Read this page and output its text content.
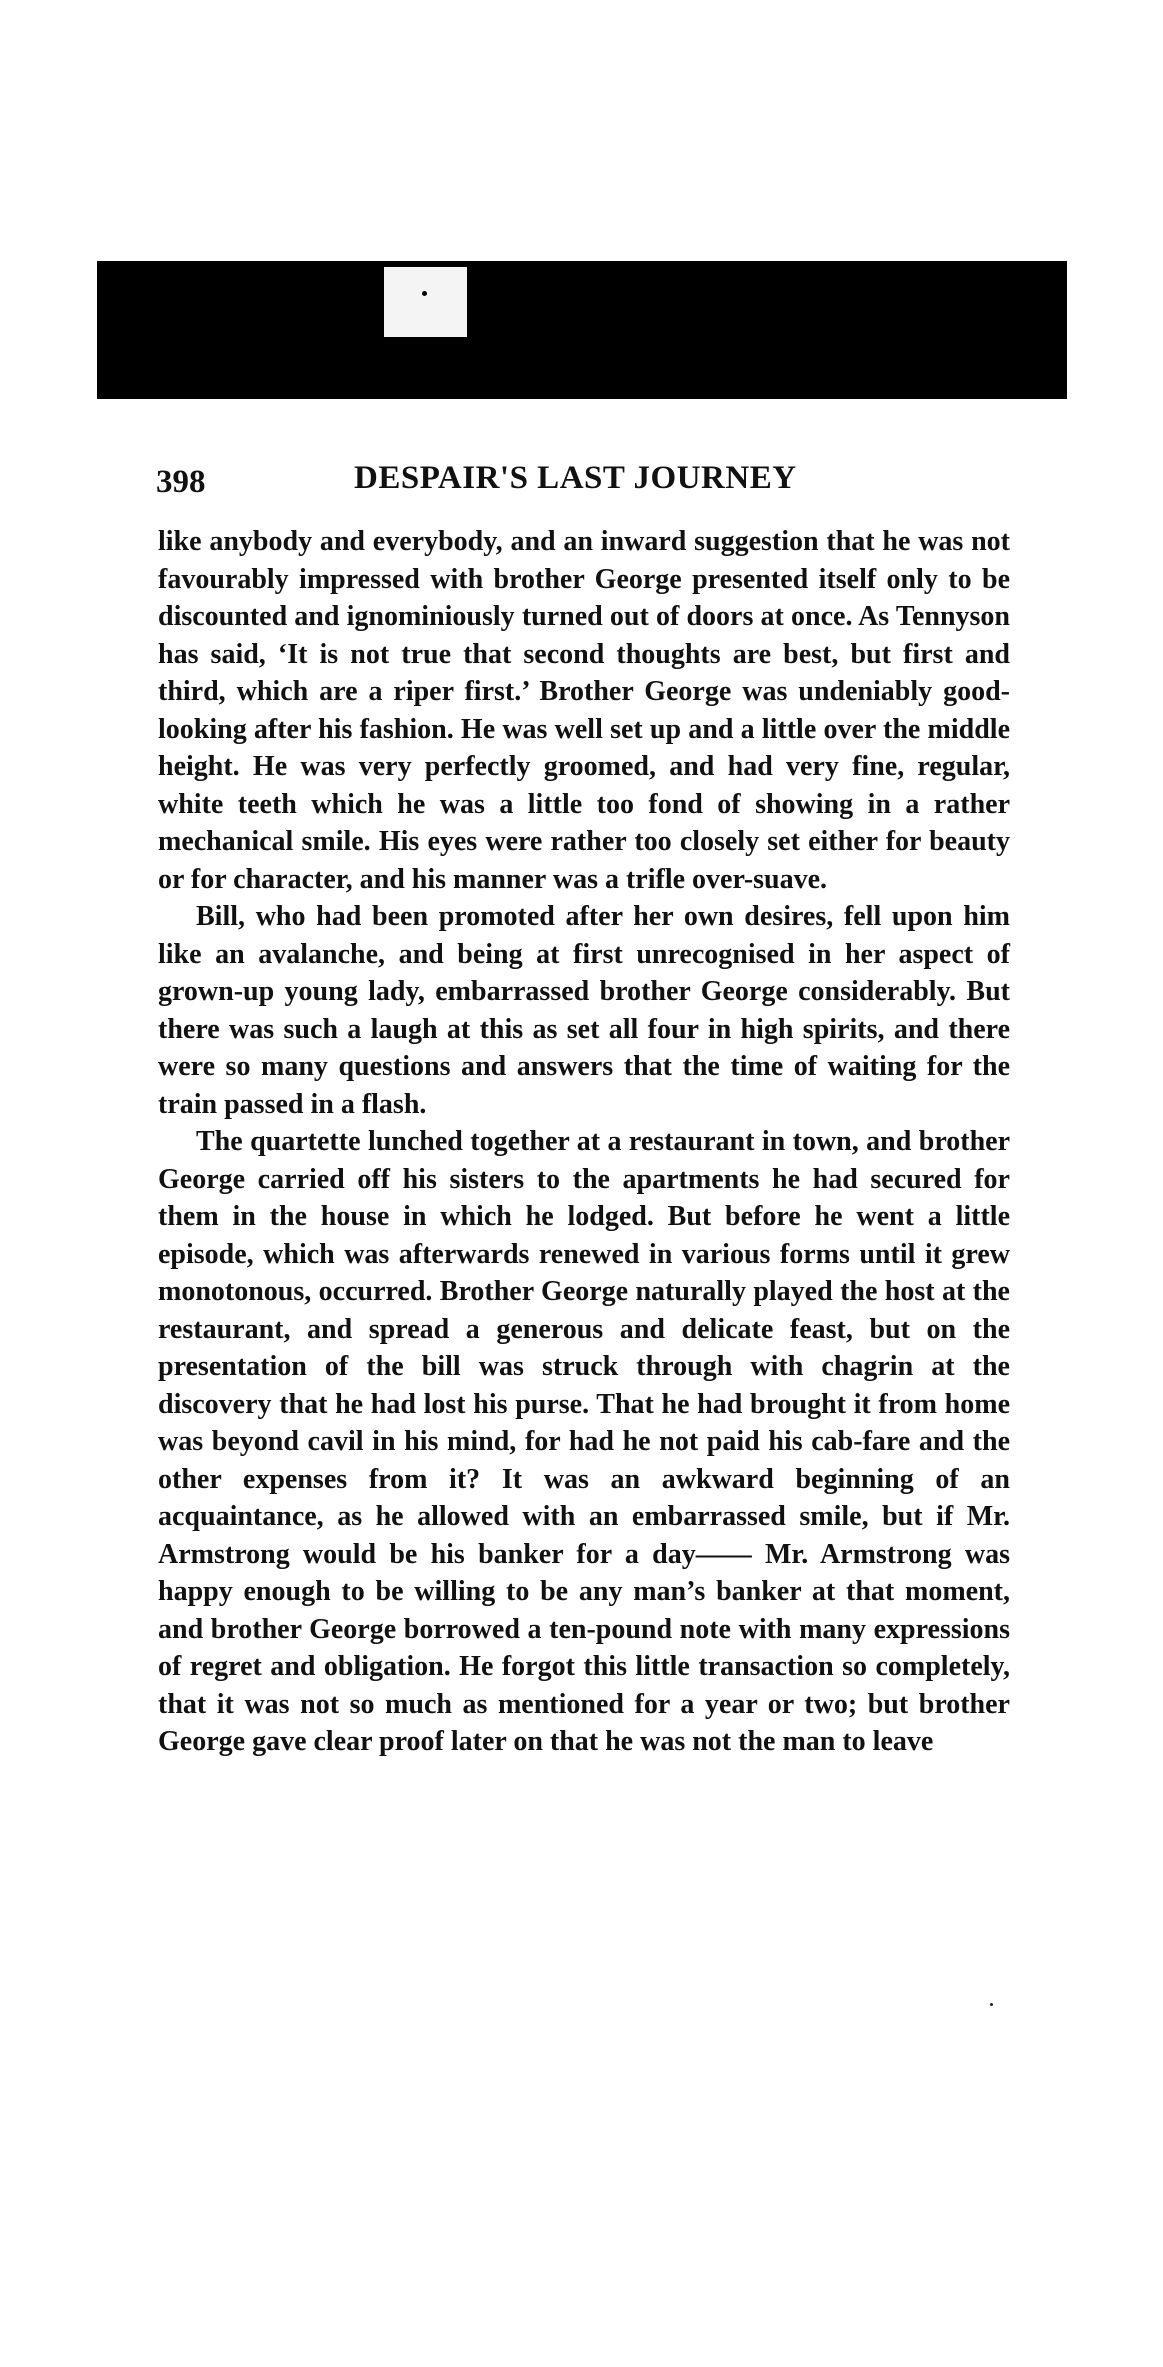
398	DESPAIR'S LAST JOURNEY

like anybody and everybody, and an inward suggestion that he was not favourably impressed with brother George presented itself only to be discounted and ignominiously turned out of doors at once. As Tennyson has said, ‘It is not true that second thoughts are best, but first and third, which are a riper first.’ Brother George was undeniably good-looking after his fashion. He was well set up and a little over the middle height. He was very perfectly groomed, and had very fine, regular, white teeth which he was a little too fond of showing in a rather mechanical smile. His eyes were rather too closely set either for beauty or for character, and his manner was a trifle over-suave.

Bill, who had been promoted after her own desires, fell upon him like an avalanche, and being at first unrecognised in her aspect of grown-up young lady, embarrassed brother George considerably. But there was such a laugh at this as set all four in high spirits, and there were so many questions and answers that the time of waiting for the train passed in a flash.

The quartette lunched together at a restaurant in town, and brother George carried off his sisters to the apartments he had secured for them in the house in which he lodged. But before he went a little episode, which was afterwards renewed in various forms until it grew monotonous, occurred. Brother George naturally played the host at the restaurant, and spread a generous and delicate feast, but on the presentation of the bill was struck through with chagrin at the discovery that he had lost his purse. That he had brought it from home was beyond cavil in his mind, for had he not paid his cab-fare and the other expenses from it? It was an awkward beginning of an acquaintance, as he allowed with an embarrassed smile, but if Mr. Armstrong would be his banker for a day—— Mr. Armstrong was happy enough to be willing to be any man’s banker at that moment, and brother George borrowed a ten-pound note with many expressions of regret and obligation. He forgot this little transaction so completely, that it was not so much as mentioned for a year or two; but brother George gave clear proof later on that he was not the man to leave
